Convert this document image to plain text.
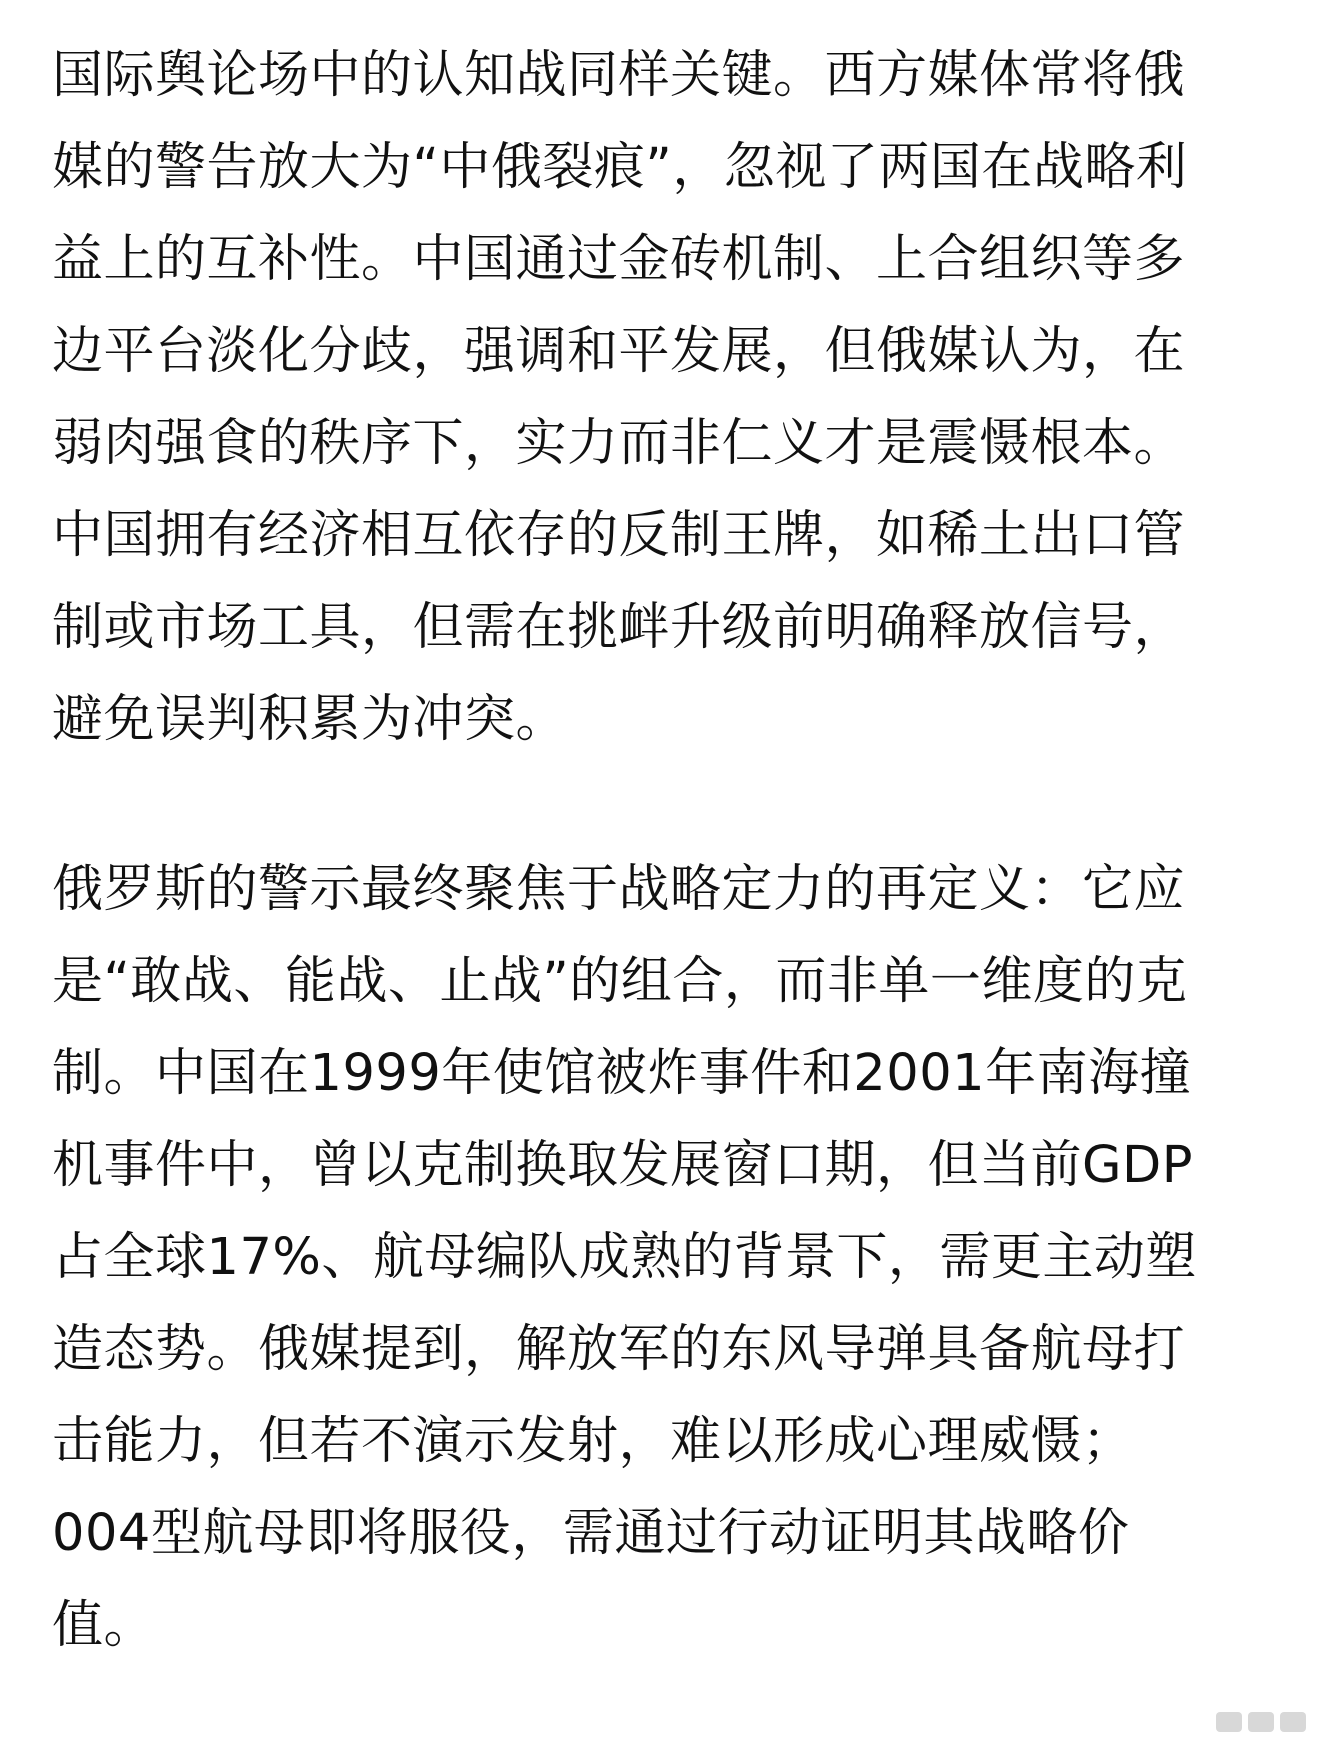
国际舆论场中的认知战同样关键。西方媒体常将俄
媒的警告放大为“中俄裂痕”，忽视了两国在战略利
益上的互补性。中国通过金砖机制、上合组织等多
边平台淡化分歧，强调和平发展，但俄媒认为，在
弱肉强食的秩序下，实力而非仁义才是震慑根本。
中国拥有经济相互依存的反制王牌，如稀土出口管
制或市场工具，但需在挑衅升级前明确释放信号，
避免误判积累为冲突。
俄罗斯的警示最终聚焦于战略定力的再定义：它应
是“敢战、能战、止战”的组合，而非单一维度的克
制。中国在1999年使馆被炸事件和2001年南海撞
机事件中，曾以克制换取发展窗口期，但当前GDP
占全球17%、航母编队成熟的背景下，需更主动塑
造态势。俄媒提到，解放军的东风导弹具备航母打
击能力，但若不演示发射，难以形成心理威慑；
004型航母即将服役，需通过行动证明其战略价
值。
